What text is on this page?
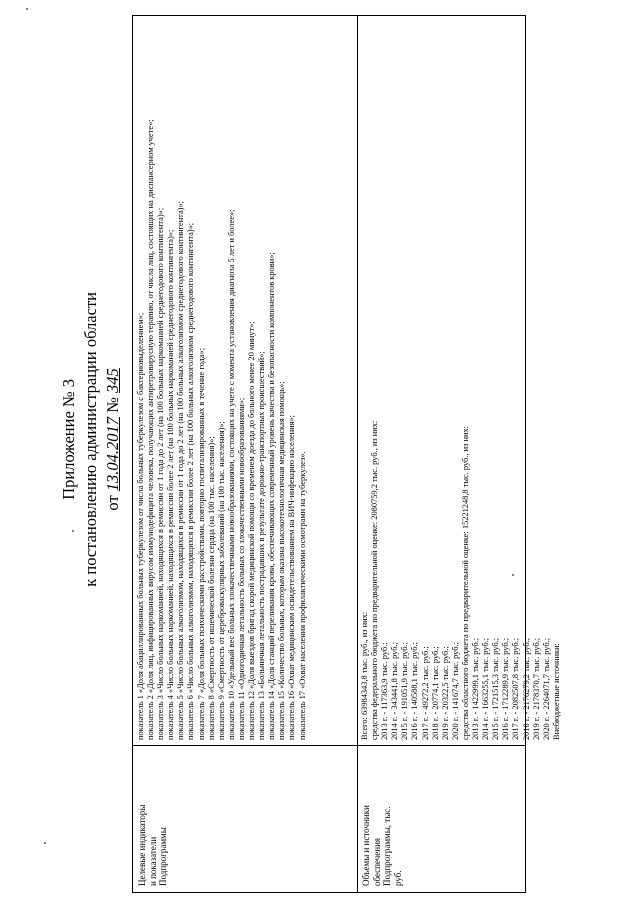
Приложение № 3 к постановлению администрации области от 13.04.2017 № 345
Целевые индикаторы и показатели Подпрограммы	Объемы и источники обеспечения Подпрограммы, тыс. руб.
показатель 1 «Доля абациллированных больных туберкулезом от числа больных туберкулезом с бактериовыделением»; показатель 2 «Доля лиц, инфицированных вирусом иммунодефицита человека, получающих антиретровирусную терапию, от числа лиц, состоящих на диспансерном учете»; показатель 3 «Число больных наркоманией, находящихся в ремиссии от 1 года до 2 лет (на 100 больных наркоманией среднегодового контингента)»; показатель 4 «Число больных наркоманией, находящихся в ремиссии более 2 лет (на 100 больных наркоманией среднегодового контингента)»; показатель 5 «Число больных алкоголизмом, находящихся в ремиссии от 1 года до 2 лет (на 100 больных алкоголизмом среднегодового контингента)»; показатель 6 «Число больных алкоголизмом, находящихся в ремиссии более 2 лет (на 100 больных алкоголизмом среднегодового контингента)»; показатель 7 «Доля больных психическими расстройствами, повторно госпитализированных в течение года»; показатель 8 «Смертность от ишемической болезни сердца (на 100 тыс. населения)»; показатель 9 «Смертность от цереброваскулярных заболеваний (на 100 тыс. населения)»; показатель 10 «Удельный вес больных злокачественными новообразованиями, состоящих на учете с момента установления диагноза 5 лет и более»; показатель 11 «Одногодичная летальность больных со злокачественными новообразованиями»; показатель 12 «Доля выездов бригад скорой медицинской помощи со временем доезда до больного менее 20 минут»; показатель 13 «Больничная летальность пострадавших в результате дорожно-транспортных происшествий»; показатель 14 «Доля станций переливания крови, обеспечивающих современный уровень качества и безопасности компонентов крови»; показатель 15 «Количество больных, которым оказана высокотехнологичная медицинская помощь»; показатель 16 «Охват медицинским освидетельствованием на ВИЧ-инфекцию населения»; показатель 17 «Охват населения профилактическими осмотрами на туберкулез».	Всего: 63984343,8 тыс. руб., из них: средства федерального бюджета по предварительной оценке: 2080759,2 тыс. руб., из них: 2013 г. - 117363,9 тыс. руб.; 2014 г. - 343441,8 тыс. руб.; 2015 г. - 191051,9 тыс. руб.; 2016 г. - 140588,1 тыс. руб.; 2017 г. - 49272,2 тыс. руб.; 2018 г. - 20774,1 тыс. руб.; 2019 г. - 20322,5 тыс. руб.; 2020 г. - 141674,7 тыс. руб.; средства областного бюджета по предварительной оценке: 15221248,8 тыс. руб., из них: 2013 г. - 1422999,1 тыс. руб.; 2014 г. - 1663255,1 тыс. руб.; 2015 г. - 1721515,3 тыс. руб.; 2016 г. - 1712289,9 тыс. руб.; 2017 г. - 2082507,8 тыс. руб.; 2018 г. - 2176279,2 тыс. руб.; 2019 г. - 2178370,7 тыс. руб.; 2020 г. - 2264071,7 тыс. руб.; Внебюджетные источники:
